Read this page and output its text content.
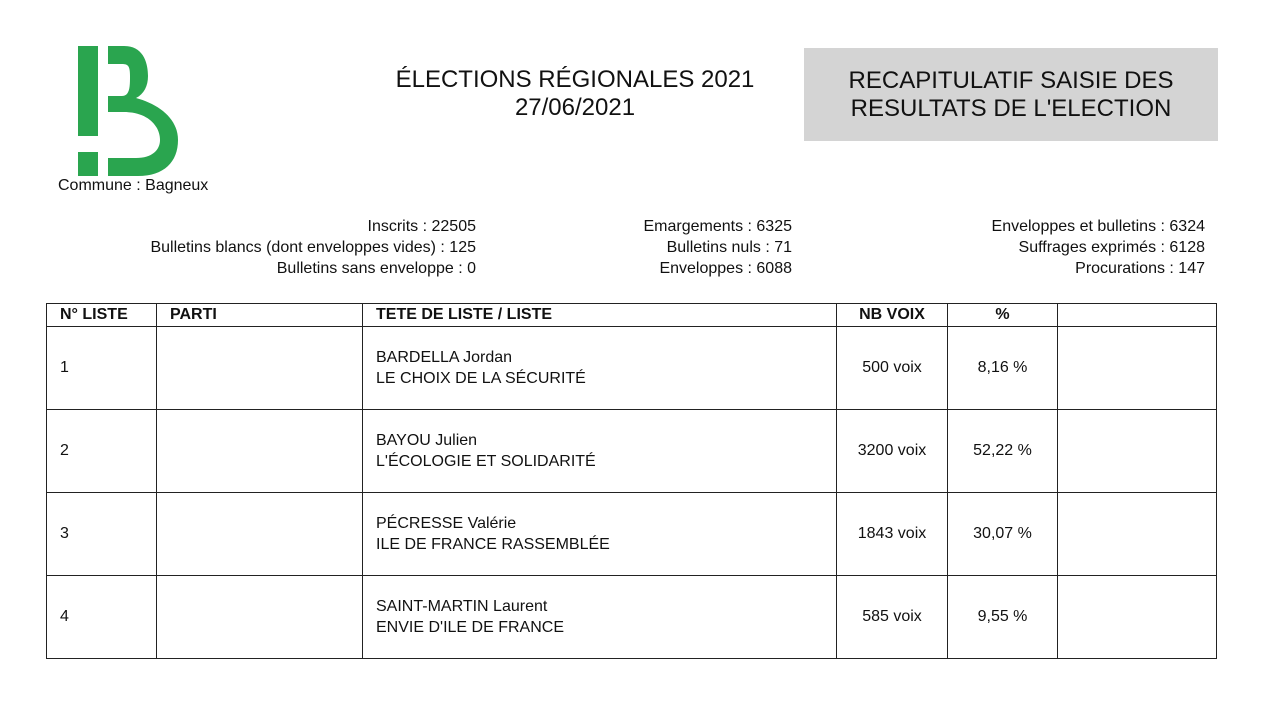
Commune : Bagneux
ÉLECTIONS RÉGIONALES 2021
27/06/2021
RECAPITULATIF SAISIE DES
RESULTATS DE L'ELECTION
Inscrits : 22505
Bulletins blancs (dont enveloppes vides) : 125
Bulletins sans enveloppe : 0
Emargements : 6325
Bulletins nuls : 71
Enveloppes : 6088
Enveloppes et bulletins : 6324
Suffrages exprimés : 6128
Procurations : 147
N° LISTE	PARTI	TETE DE LISTE / LISTE	NB VOIX	%	
1		BARDELLA Jordan
LE CHOIX DE LA SÉCURITÉ	500 voix	8,16 %	
2		BAYOU Julien
L'ÉCOLOGIE ET SOLIDARITÉ	3200 voix	52,22 %	
3		PÉCRESSE Valérie
ILE DE FRANCE RASSEMBLÉE	1843 voix	30,07 %	
4		SAINT-MARTIN Laurent
ENVIE D'ILE DE FRANCE	585 voix	9,55 %	
